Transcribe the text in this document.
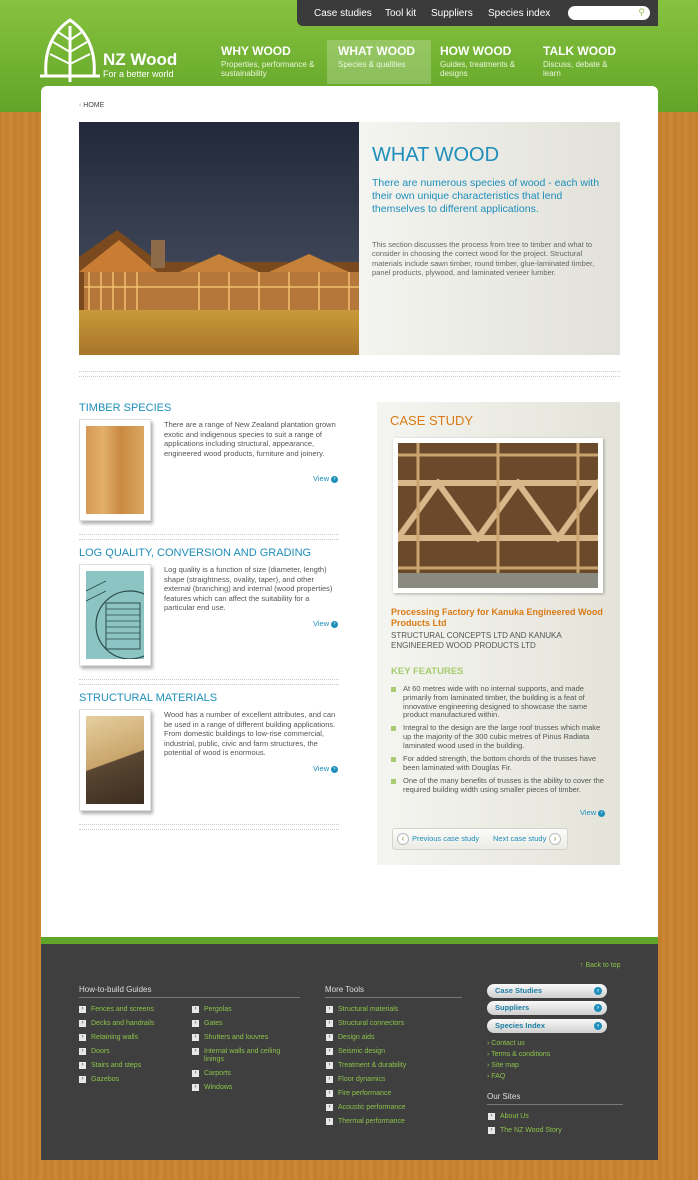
Case studies Tool kit Suppliers Species index	⚲
NZ Wood
For a better world
WHY WOOD
Properties, performance & sustainability
WHAT WOOD
Species & qualities
HOW WOOD
Guides, treatments & designs
TALK WOOD
Discuss, debate & learn
‹ HOME
WHAT WOOD
There are numerous species of wood - each with their own unique characteristics that lend themselves to different applications.
This section discusses the process from tree to timber and what to consider in choosing the correct wood for the project. Structural materials include sawn timber, round timber, glue-laminated timber, panel products, plywood, and laminated veneer lumber.
TIMBER SPECIES
There are a range of New Zealand plantation grown exotic and indigenous species to suit a range of applications including structural, appearance, engineered wood products, furniture and joinery.
View ›
LOG QUALITY, CONVERSION AND GRADING
Log quality is a function of size (diameter, length) shape (straightness, ovality, taper), and other external (branching) and internal (wood properties) features which can affect the suitability for a particular end use.
View ›
STRUCTURAL MATERIALS
Wood has a number of excellent attributes, and can be used in a range of different building applications. From domestic buildings to low-rise commercial, industrial, public, civic and farm structures, the potential of wood is enormous.
View ›
CASE STUDY
Processing Factory for Kanuka Engineered Wood Products Ltd
STRUCTURAL CONCEPTS LTD AND KANUKA ENGINEERED WOOD PRODUCTS LTD
KEY FEATURES
At 60 metres wide with no internal supports, and made primarily from laminated timber, the building is a feat of innovative engineering designed to showcase the same product manufactured within.
Integral to the design are the large roof trusses which make up the majority of the 300 cubic metres of Pinus Radiata laminated wood used in the building.
For added strength, the bottom chords of the trusses have been laminated with Douglas Fir.
One of the many benefits of trusses is the ability to cover the required building width using smaller pieces of timber.
View ›
‹	Previous case study Next case study ›
↑ Back to top
How-to-build Guides
›	Fences and screens
›	Decks and handrails
›	Retaining walls
›	Doors
›	Stairs and steps
›	Gazebos
›	Pergolas
›	Gates
›	Shutters and louvres
›	Internal walls and ceiling linings
›	Carports
›	Windows
More Tools
›	Structural materials
›	Structural connectors
›	Design aids
›	Seismic design
›	Treatment & durability
›	Floor dynamics
›	Fire performance
›	Acoustic performance
›	Thermal performance
Case Studies	›
Suppliers	›
Species Index	›
› Contact us
› Terms & conditions
› Site map
› FAQ
Our Sites
›	About Us
›	The NZ Wood Story
